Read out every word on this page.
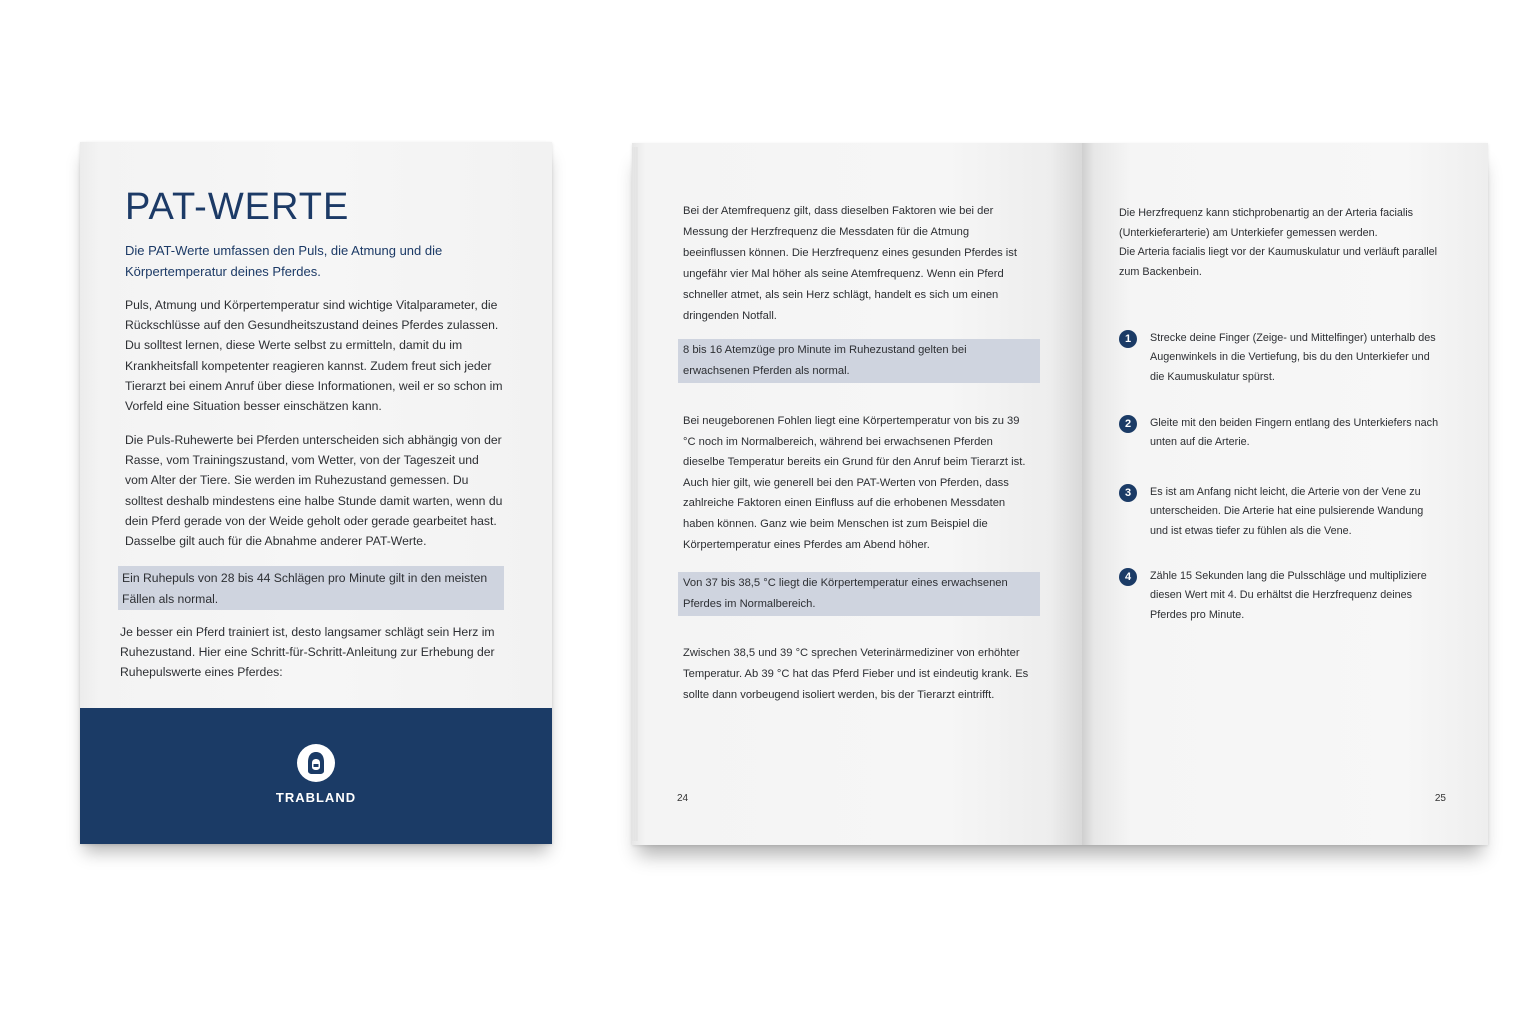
PAT-WERTE
Die PAT-Werte umfassen den Puls, die Atmung und die Körpertemperatur deines Pferdes.
Puls, Atmung und Körpertemperatur sind wichtige Vitalparameter, die Rückschlüsse auf den Gesundheitszustand deines Pferdes zulassen. Du solltest lernen, diese Werte selbst zu ermitteln, damit du im Krankheitsfall kompetenter reagieren kannst. Zudem freut sich jeder Tierarzt bei einem Anruf über diese Informationen, weil er so schon im Vorfeld eine Situation besser einschätzen kann.
Die Puls-Ruhewerte bei Pferden unterscheiden sich abhängig von der Rasse, vom Trainingszustand, vom Wetter, von der Tageszeit und vom Alter der Tiere. Sie werden im Ruhezustand gemessen. Du solltest deshalb mindestens eine halbe Stunde damit warten, wenn du dein Pferd gerade von der Weide geholt oder gerade gearbeitet hast. Dasselbe gilt auch für die Abnahme anderer PAT-Werte.
Ein Ruhepuls von 28 bis 44 Schlägen pro Minute gilt in den meisten Fällen als normal.
Je besser ein Pferd trainiert ist, desto langsamer schlägt sein Herz im Ruhezustand. Hier eine Schritt-für-Schritt-Anleitung zur Erhebung der Ruhepulswerte eines Pferdes:
TRABLAND
Bei der Atemfrequenz gilt, dass dieselben Faktoren wie bei der Messung der Herzfrequenz die Messdaten für die Atmung beeinflussen können. Die Herzfrequenz eines gesunden Pferdes ist ungefähr vier Mal höher als seine Atemfrequenz. Wenn ein Pferd schneller atmet, als sein Herz schlägt, handelt es sich um einen dringenden Notfall.
8 bis 16 Atemzüge pro Minute im Ruhezustand gelten bei erwachsenen Pferden als normal.
Bei neugeborenen Fohlen liegt eine Körpertemperatur von bis zu 39 °C noch im Normalbereich, während bei erwachsenen Pferden dieselbe Temperatur bereits ein Grund für den Anruf beim Tierarzt ist. Auch hier gilt, wie generell bei den PAT-Werten von Pferden, dass zahlreiche Faktoren einen Einfluss auf die erhobenen Messdaten haben können. Ganz wie beim Menschen ist zum Beispiel die Körpertemperatur eines Pferdes am Abend höher.
Von 37 bis 38,5 °C liegt die Körpertemperatur eines erwachsenen Pferdes im Normalbereich.
Zwischen 38,5 und 39 °C sprechen Veterinärmediziner von erhöhter Temperatur. Ab 39 °C hat das Pferd Fieber und ist eindeutig krank. Es sollte dann vorbeugend isoliert werden, bis der Tierarzt eintrifft.
24
Die Herzfrequenz kann stichprobenartig an der Arteria facialis (Unterkieferarterie) am Unterkiefer gemessen werden.
Die Arteria facialis liegt vor der Kaumuskulatur und verläuft parallel zum Backenbein.
1	Strecke deine Finger (Zeige- und Mittelfinger) unterhalb des Augenwinkels in die Vertiefung, bis du den Unterkiefer und die Kaumuskulatur spürst.
2	Gleite mit den beiden Fingern entlang des Unterkiefers nach unten auf die Arterie.
3	Es ist am Anfang nicht leicht, die Arterie von der Vene zu unterscheiden. Die Arterie hat eine pulsierende Wandung und ist etwas tiefer zu fühlen als die Vene.
4	Zähle 15 Sekunden lang die Pulsschläge und multipliziere diesen Wert mit 4. Du erhältst die Herzfrequenz deines Pferdes pro Minute.
25
